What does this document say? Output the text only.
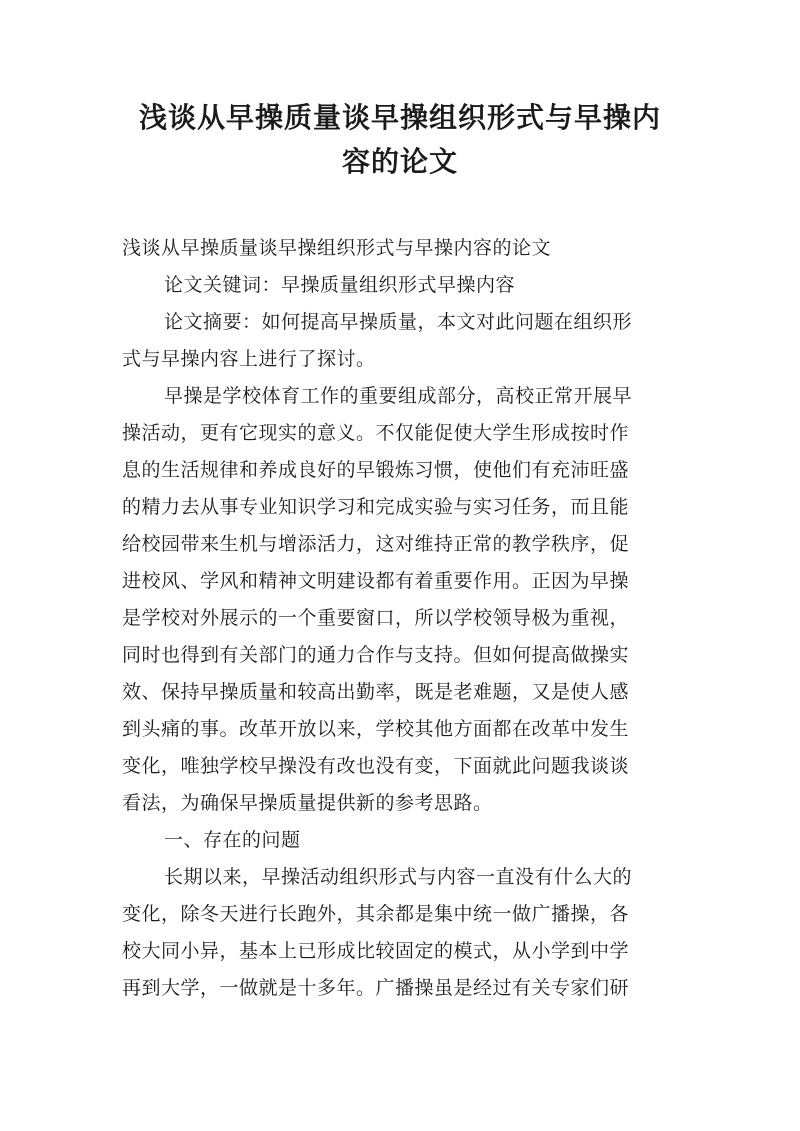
浅谈从早操质量谈早操组织形式与早操内
容的论文
浅谈从早操质量谈早操组织形式与早操内容的论文
论文关键词：早操质量组织形式早操内容
论文摘要：如何提高早操质量，本文对此问题在组织形
式与早操内容上进行了探讨。
早操是学校体育工作的重要组成部分，高校正常开展早
操活动，更有它现实的意义。不仅能促使大学生形成按时作
息的生活规律和养成良好的早锻炼习惯，使他们有充沛旺盛
的精力去从事专业知识学习和完成实验与实习任务，而且能
给校园带来生机与增添活力，这对维持正常的教学秩序，促
进校风、学风和精神文明建设都有着重要作用。正因为早操
是学校对外展示的一个重要窗口，所以学校领导极为重视，
同时也得到有关部门的通力合作与支持。但如何提高做操实
效、保持早操质量和较高出勤率，既是老难题，又是使人感
到头痛的事。改革开放以来，学校其他方面都在改革中发生
变化，唯独学校早操没有改也没有变，下面就此问题我谈谈
看法，为确保早操质量提供新的参考思路。
一、存在的问题
长期以来，早操活动组织形式与内容一直没有什么大的
变化，除冬天进行长跑外，其余都是集中统一做广播操，各
校大同小异，基本上已形成比较固定的模式，从小学到中学
再到大学，一做就是十多年。广播操虽是经过有关专家们研
